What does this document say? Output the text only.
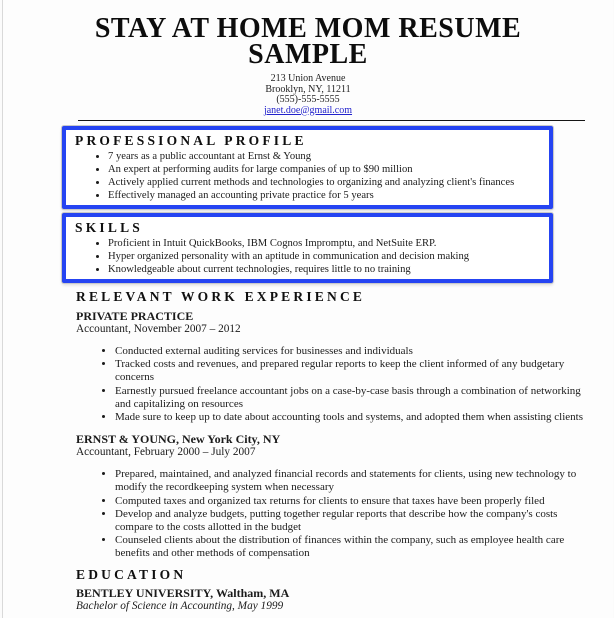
STAY AT HOME MOM RESUME
SAMPLE
213 Union Avenue
Brooklyn, NY, 11211
(555)-555-5555
janet.doe@gmail.com
PROFESSIONAL PROFILE
• 7 years as a public accountant at Ernst & Young
• An expert at performing audits for large companies of up to $90 million
• Actively applied current methods and technologies to organizing and analyzing client's finances
• Effectively managed an accounting private practice for 5 years
SKILLS
• Proficient in Intuit QuickBooks, IBM Cognos Impromptu, and NetSuite ERP.
• Hyper organized personality with an aptitude in communication and decision making
• Knowledgeable about current technologies, requires little to no training
RELEVANT WORK EXPERIENCE
PRIVATE PRACTICE
Accountant, November 2007 – 2012
• Conducted external auditing services for businesses and individuals
• Tracked costs and revenues, and prepared regular reports to keep the client informed of any budgetary concerns
• Earnestly pursued freelance accountant jobs on a case-by-case basis through a combination of networking and capitalizing on resources
• Made sure to keep up to date about accounting tools and systems, and adopted them when assisting clients
ERNST & YOUNG, New York City, NY
Accountant, February 2000 – July 2007
• Prepared, maintained, and analyzed financial records and statements for clients, using new technology to modify the recordkeeping system when necessary
• Computed taxes and organized tax returns for clients to ensure that taxes have been properly filed
• Develop and analyze budgets, putting together regular reports that describe how the company's costs compare to the costs allotted in the budget
• Counseled clients about the distribution of finances within the company, such as employee health care benefits and other methods of compensation
EDUCATION
BENTLEY UNIVERSITY, Waltham, MA
Bachelor of Science in Accounting, May 1999
